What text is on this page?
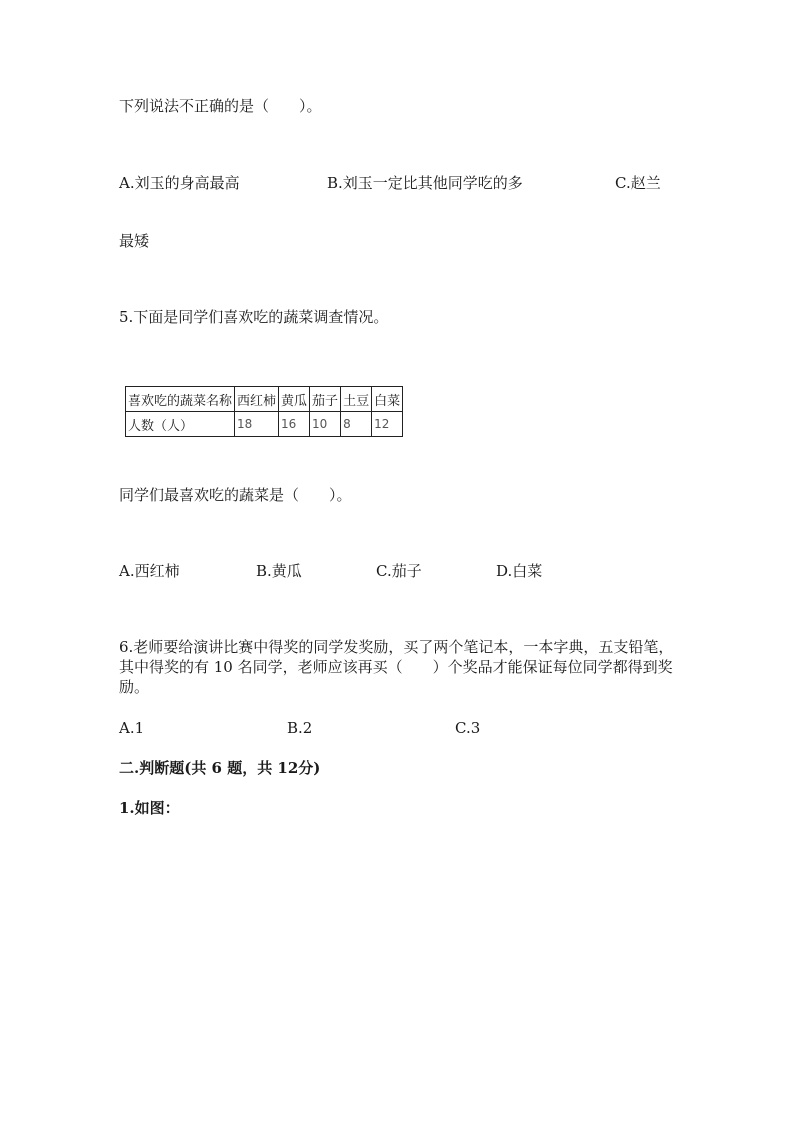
下列说法不正确的是（　　）。
A.刘玉的身高最高	B.刘玉一定比其他同学吃的多	C.赵兰
最矮
5.下面是同学们喜欢吃的蔬菜调查情况。
喜欢吃的蔬菜名称	西红柿	黄瓜	茄子	土豆	白菜
人数（人）	18	16	10	8	12
同学们最喜欢吃的蔬菜是（　　）。
A.西红柿	B.黄瓜	C.茄子	D.白菜
6.老师要给演讲比赛中得奖的同学发奖励，买了两个笔记本，一本字典，五支铅笔，其中得奖的有 10 名同学，老师应该再买（　　）个奖品才能保证每位同学都得到奖励。
A.1	B.2	C.3
二.判断题(共 6 题，共 12分)
1.如图：
